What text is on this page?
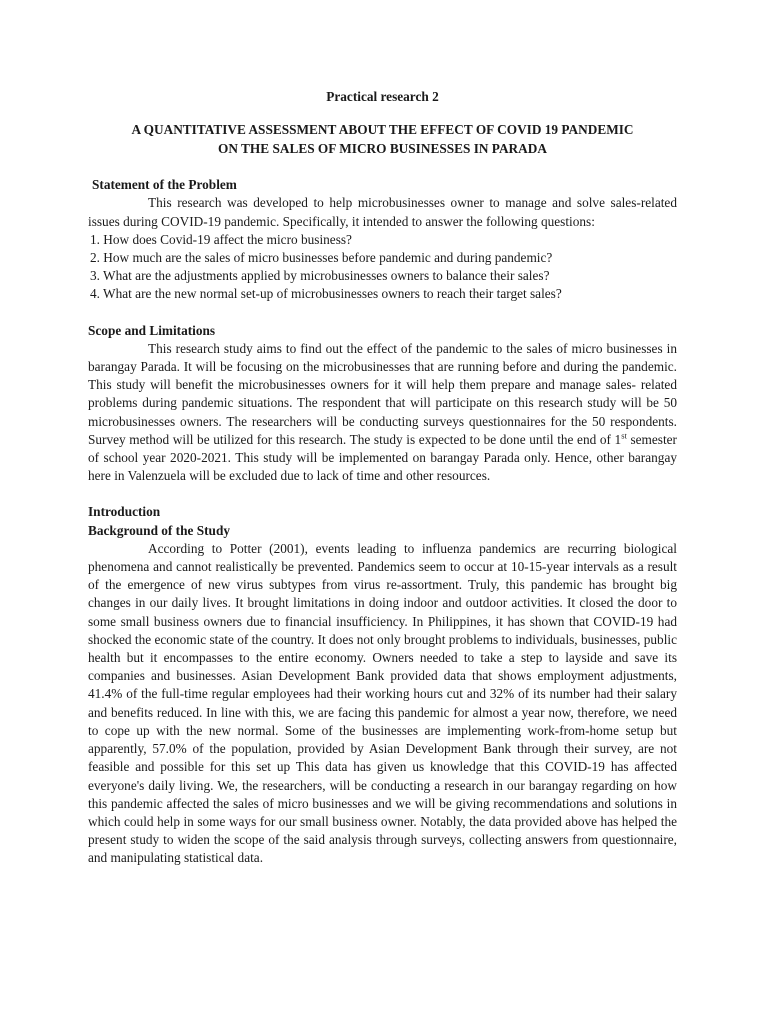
Practical research 2

A QUANTITATIVE ASSESSMENT ABOUT THE EFFECT OF COVID 19 PANDEMIC
ON THE SALES OF MICRO BUSINESSES IN PARADA

Statement of the Problem

This research was developed to help microbusinesses owner to manage and solve sales-related issues during COVID-19 pandemic. Specifically, it intended to answer the following questions:

1. How does Covid-19 affect the micro business?
2. How much are the sales of micro businesses before pandemic and during pandemic?
3. What are the adjustments applied by microbusinesses owners to balance their sales?
4. What are the new normal set-up of microbusinesses owners to reach their target sales?

Scope and Limitations

This research study aims to find out the effect of the pandemic to the sales of micro businesses in barangay Parada. It will be focusing on the microbusinesses that are running before and during the pandemic. This study will benefit the microbusinesses owners for it will help them prepare and manage sales- related problems during pandemic situations. The respondent that will participate on this research study will be 50 microbusinesses owners. The researchers will be conducting surveys questionnaires for the 50 respondents. Survey method will be utilized for this research. The study is expected to be done until the end of 1st semester of school year 2020-2021. This study will be implemented on barangay Parada only. Hence, other barangay here in Valenzuela will be excluded due to lack of time and other resources.

Introduction

Background of the Study

According to Potter (2001), events leading to influenza pandemics are recurring biological phenomena and cannot realistically be prevented. Pandemics seem to occur at 10-15-year intervals as a result of the emergence of new virus subtypes from virus re-assortment. Truly, this pandemic has brought big changes in our daily lives. It brought limitations in doing indoor and outdoor activities. It closed the door to some small business owners due to financial insufficiency. In Philippines, it has shown that COVID-19 had shocked the economic state of the country. It does not only brought problems to individuals, businesses, public health but it encompasses to the entire economy. Owners needed to take a step to layside and save its companies and businesses. Asian Development Bank provided data that shows employment adjustments, 41.4% of the full-time regular employees had their working hours cut and 32% of its number had their salary and benefits reduced. In line with this, we are facing this pandemic for almost a year now, therefore, we need to cope up with the new normal. Some of the businesses are implementing work-from-home setup but apparently, 57.0% of the population, provided by Asian Development Bank through their survey, are not feasible and possible for this set up This data has given us knowledge that this COVID-19 has affected everyone's daily living. We, the researchers, will be conducting a research in our barangay regarding on how this pandemic affected the sales of micro businesses and we will be giving recommendations and solutions in which could help in some ways for our small business owner. Notably, the data provided above has helped the present study to widen the scope of the said analysis through surveys, collecting answers from questionnaire, and manipulating statistical data.
